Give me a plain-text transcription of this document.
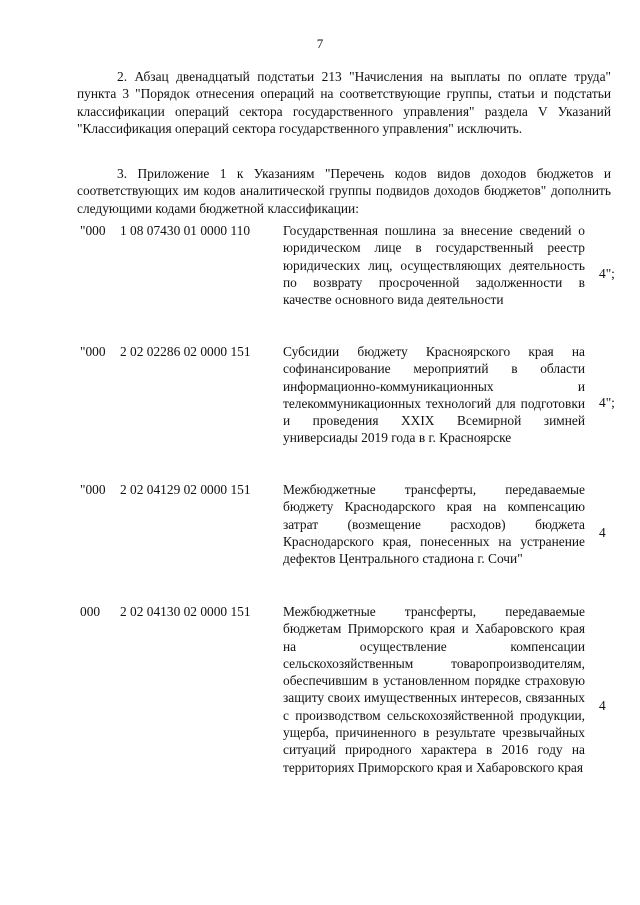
7

2. Абзац двенадцатый подстатьи 213 "Начисления на выплаты по оплате труда" пункта 3 "Порядок отнесения операций на соответствующие группы, статьи и подстатьи классификации операций сектора государственного управления" раздела V Указаний "Классификация операций сектора государственного управления" исключить.

3. Приложение 1 к Указаниям "Перечень кодов видов доходов бюджетов и соответствующих им кодов аналитической группы подвидов доходов бюджетов" дополнить следующими кодами бюджетной классификации:

"000 1 08 07430 01 0000 110 Государственная пошлина за внесение сведений о юридическом лице в государственный реестр юридических лиц, осуществляющих деятельность по возврату просроченной задолженности в качестве основного вида деятельности
4";
"000 2 02 02286 02 0000 151 Субсидии бюджету Красноярского края на софинансирование мероприятий в области информационно-коммуникационных и телекоммуникационных технологий для подготовки и проведения XXIX Всемирной зимней универсиады 2019 года в г. Красноярске
4";
"000 2 02 04129 02 0000 151 Межбюджетные трансферты, передаваемые бюджету Краснодарского края на компенсацию затрат (возмещение расходов) бюджета Краснодарского края, понесенных на устранение дефектов Центрального стадиона г. Сочи"
4
000 2 02 04130 02 0000 151 Межбюджетные трансферты, передаваемые бюджетам Приморского края и Хабаровского края на осуществление компенсации сельскохозяйственным товаропроизводителям, обеспечившим в установленном порядке страховую защиту своих имущественных интересов, связанных с производством сельскохозяйственной продукции, ущерба, причиненного в результате чрезвычайных ситуаций природного характера в 2016 году на территориях Приморского края и Хабаровского края
4
